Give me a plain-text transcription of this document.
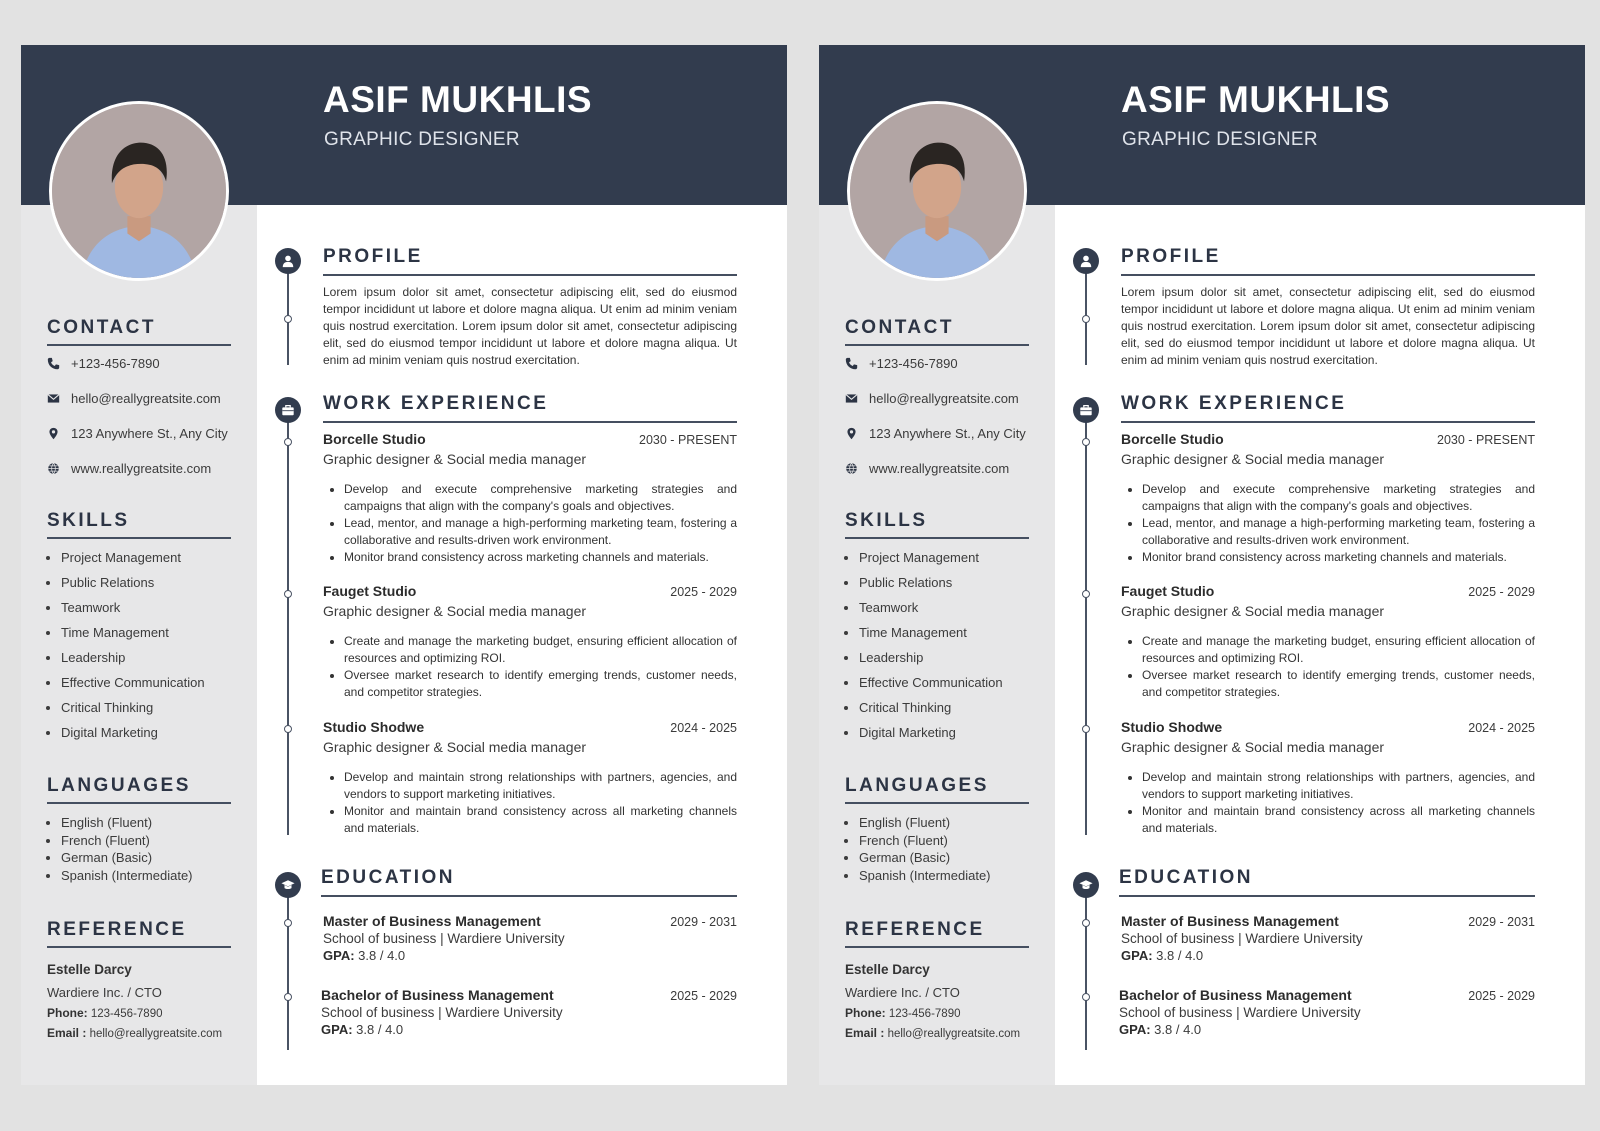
ASIF MUKHLIS
GRAPHIC DESIGNER
CONTACT
+123-456-7890
hello@reallygreatsite.com
123 Anywhere St., Any City
www.reallygreatsite.com
SKILLS
• Project Management
• Public Relations
• Teamwork
• Time Management
• Leadership
• Effective Communication
• Critical Thinking
• Digital Marketing
LANGUAGES
• English (Fluent)
• French (Fluent)
• German (Basic)
• Spanish (Intermediate)
REFERENCE
Estelle Darcy
Wardiere Inc. / CTO
Phone: 123-456-7890
Email : hello@reallygreatsite.com
PROFILE
Lorem ipsum dolor sit amet, consectetur adipiscing elit, sed do eiusmod tempor incididunt ut labore et dolore magna aliqua. Ut enim ad minim veniam quis nostrud exercitation. Lorem ipsum dolor sit amet, consectetur adipiscing elit, sed do eiusmod tempor incididunt ut labore et dolore magna aliqua. Ut enim ad minim veniam quis nostrud exercitation.
WORK EXPERIENCE
Borcelle Studio	2030 - PRESENT
Graphic designer & Social media manager
• Develop and execute comprehensive marketing strategies and campaigns that align with the company's goals and objectives.
• Lead, mentor, and manage a high-performing marketing team, fostering a collaborative and results-driven work environment.
• Monitor brand consistency across marketing channels and materials.
Fauget Studio	2025 - 2029
Graphic designer & Social media manager
• Create and manage the marketing budget, ensuring efficient allocation of resources and optimizing ROI.
• Oversee market research to identify emerging trends, customer needs, and competitor strategies.
Studio Shodwe	2024 - 2025
Graphic designer & Social media manager
• Develop and maintain strong relationships with partners, agencies, and vendors to support marketing initiatives.
• Monitor and maintain brand consistency across all marketing channels and materials.
EDUCATION
Master of Business Management	2029 - 2031
School of business | Wardiere University
GPA: 3.8 / 4.0
Bachelor of Business Management	2025 - 2029
School of business | Wardiere University
GPA: 3.8 / 4.0
ASIF MUKHLIS
GRAPHIC DESIGNER
CONTACT
+123-456-7890
hello@reallygreatsite.com
123 Anywhere St., Any City
www.reallygreatsite.com
SKILLS
• Project Management
• Public Relations
• Teamwork
• Time Management
• Leadership
• Effective Communication
• Critical Thinking
• Digital Marketing
LANGUAGES
• English (Fluent)
• French (Fluent)
• German (Basic)
• Spanish (Intermediate)
REFERENCE
Estelle Darcy
Wardiere Inc. / CTO
Phone: 123-456-7890
Email : hello@reallygreatsite.com
PROFILE
Lorem ipsum dolor sit amet, consectetur adipiscing elit, sed do eiusmod tempor incididunt ut labore et dolore magna aliqua. Ut enim ad minim veniam quis nostrud exercitation. Lorem ipsum dolor sit amet, consectetur adipiscing elit, sed do eiusmod tempor incididunt ut labore et dolore magna aliqua. Ut enim ad minim veniam quis nostrud exercitation.
WORK EXPERIENCE
Borcelle Studio	2030 - PRESENT
Graphic designer & Social media manager
• Develop and execute comprehensive marketing strategies and campaigns that align with the company's goals and objectives.
• Lead, mentor, and manage a high-performing marketing team, fostering a collaborative and results-driven work environment.
• Monitor brand consistency across marketing channels and materials.
Fauget Studio	2025 - 2029
Graphic designer & Social media manager
• Create and manage the marketing budget, ensuring efficient allocation of resources and optimizing ROI.
• Oversee market research to identify emerging trends, customer needs, and competitor strategies.
Studio Shodwe	2024 - 2025
Graphic designer & Social media manager
• Develop and maintain strong relationships with partners, agencies, and vendors to support marketing initiatives.
• Monitor and maintain brand consistency across all marketing channels and materials.
EDUCATION
Master of Business Management	2029 - 2031
School of business | Wardiere University
GPA: 3.8 / 4.0
Bachelor of Business Management	2025 - 2029
School of business | Wardiere University
GPA: 3.8 / 4.0
